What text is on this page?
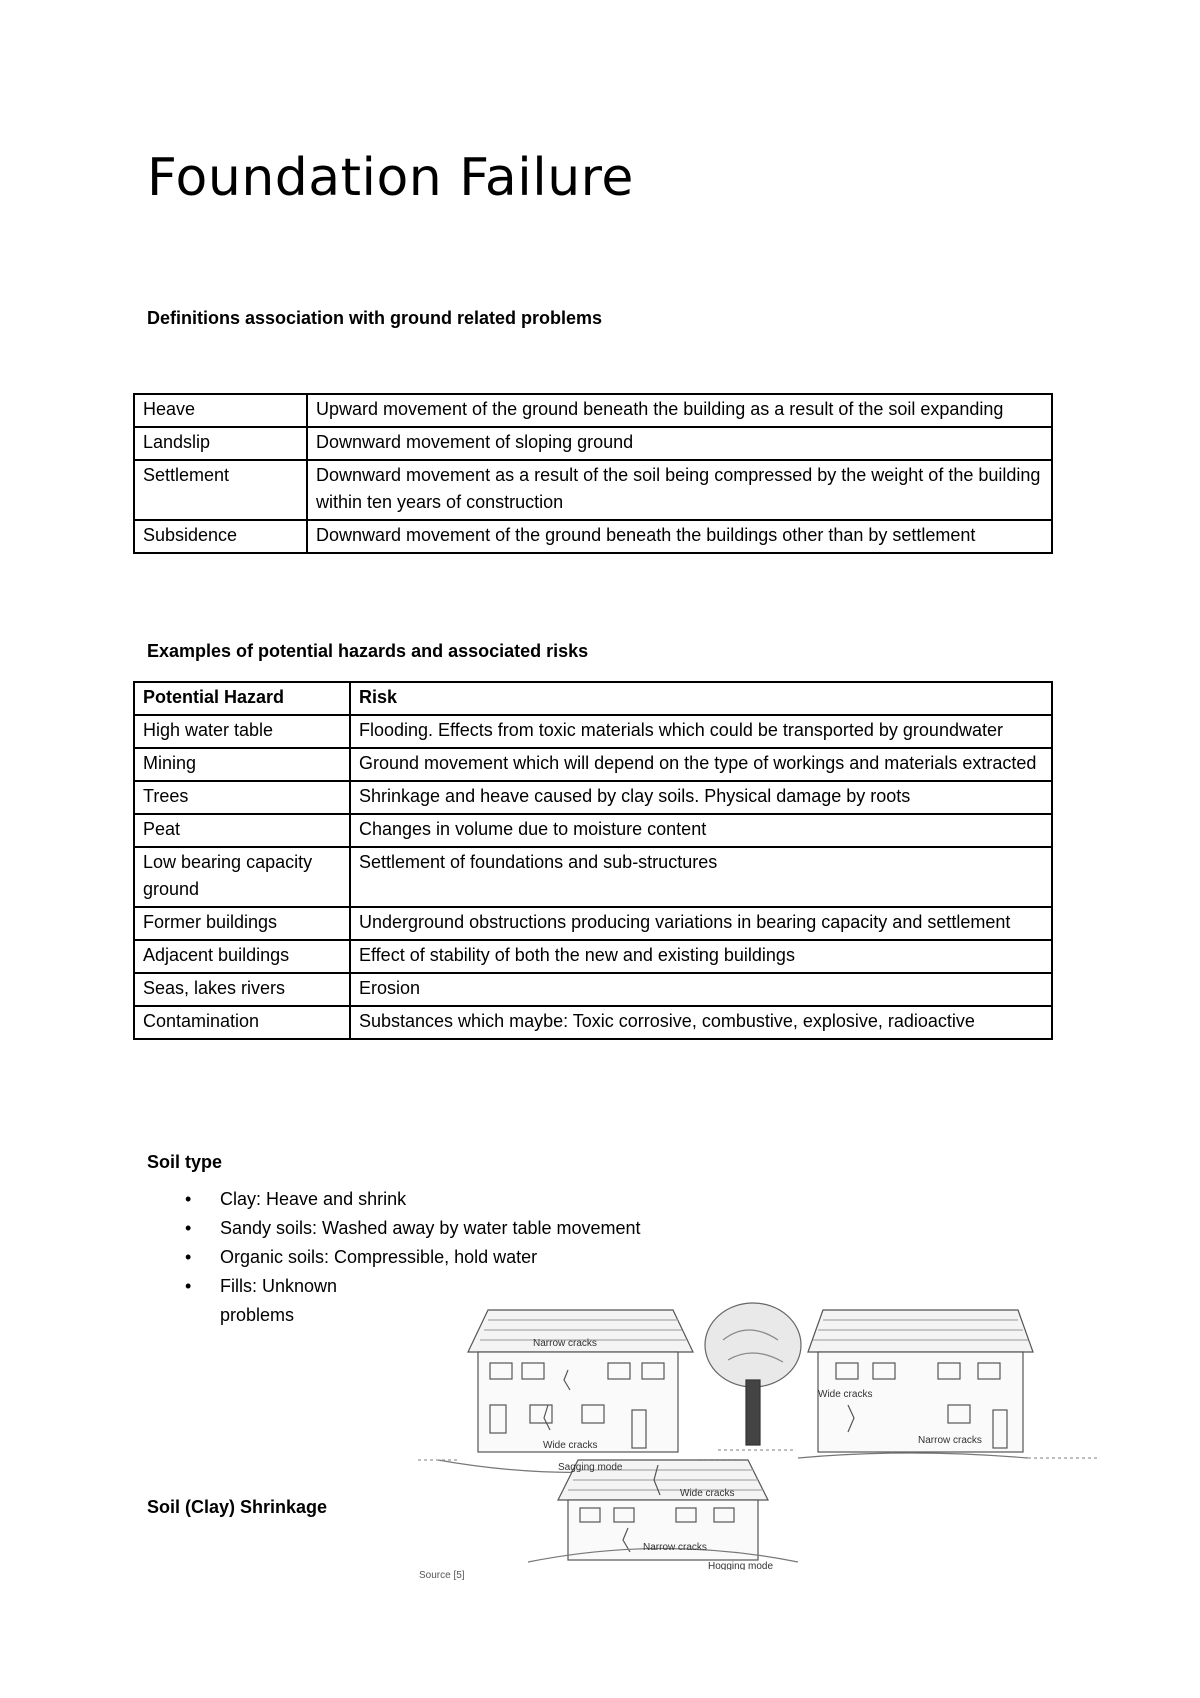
Foundation Failure
Definitions association with ground related problems
Heave	Upward movement of the ground beneath the building as a result of the soil expanding
Landslip	Downward movement of sloping ground
Settlement	Downward movement as a result of the soil being compressed by the weight of the building within ten years of construction
Subsidence	Downward movement of the ground beneath the buildings other than by settlement
Examples of potential hazards and associated risks
Potential Hazard	Risk
High water table	Flooding. Effects from toxic materials which could be transported by groundwater
Mining	Ground movement which will depend on the type of workings and materials extracted
Trees	Shrinkage and heave caused by clay soils. Physical damage by roots
Peat	Changes in volume due to moisture content
Low bearing capacity ground	Settlement of foundations and sub-structures
Former buildings	Underground obstructions producing variations in bearing capacity and settlement
Adjacent buildings	Effect of stability of both the new and existing buildings
Seas, lakes rivers	Erosion
Contamination	Substances which maybe: Toxic corrosive, combustive, explosive, radioactive
Soil type
• Clay: Heave and shrink
• Sandy soils: Washed away by water table movement
• Organic soils: Compressible, hold water
• Fills: Unknown problems
Soil (Clay) Shrinkage
Narrow cracks
Wide cracks
Sagging mode
Wide cracks
Narrow cracks
Wide cracks
Narrow cracks
Hogging mode
Source [5]
